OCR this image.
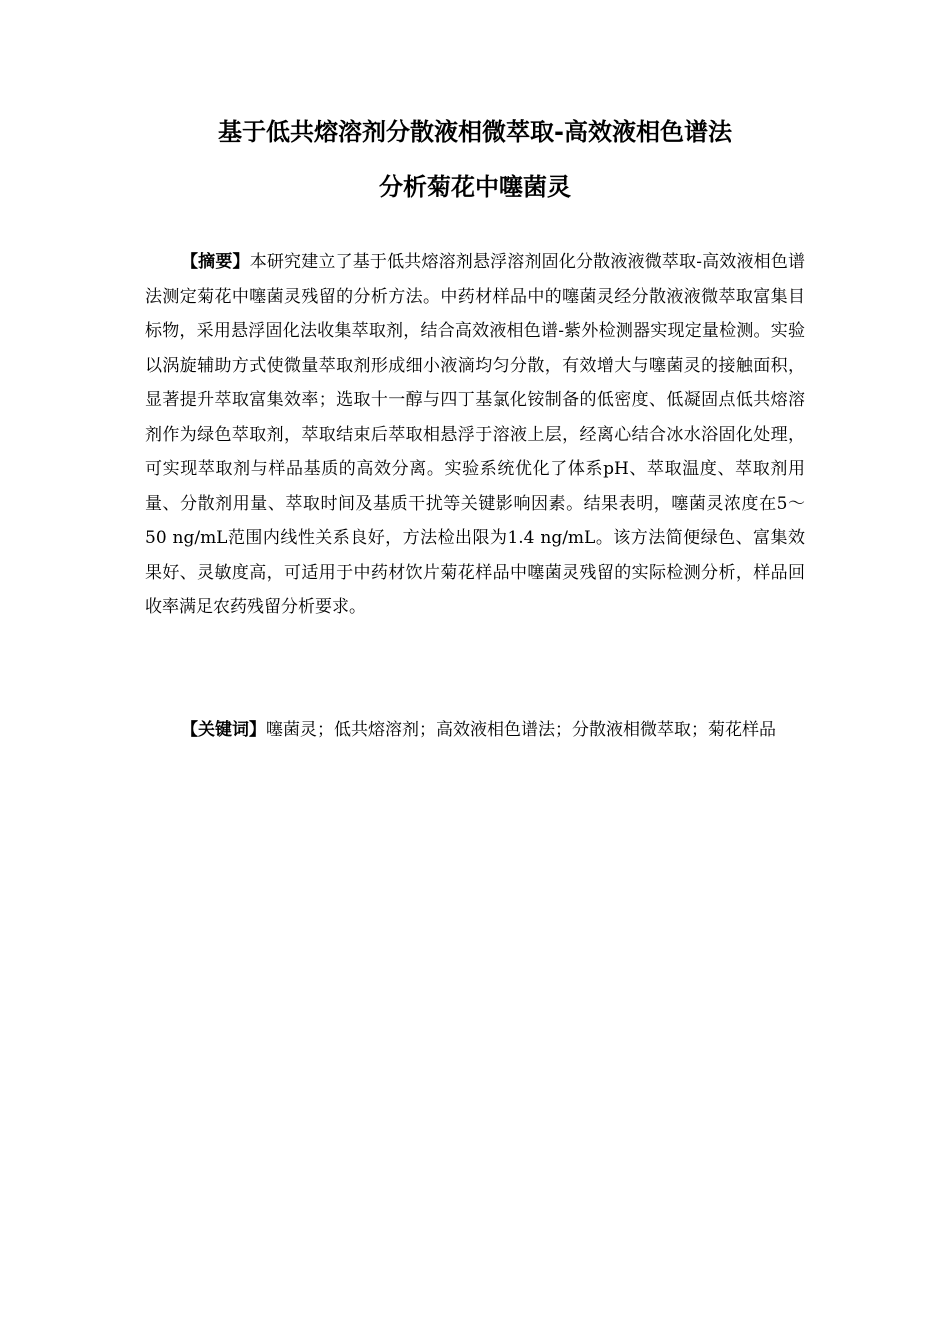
基于低共熔溶剂分散液相微萃取-高效液相色谱法
分析菊花中噻菌灵

【摘要】本研究建立了基于低共熔溶剂悬浮溶剂固化分散液液微萃取-高效液相色谱法测定菊花中噻菌灵残留的分析方法。中药材样品中的噻菌灵经分散液液微萃取富集目标物，采用悬浮固化法收集萃取剂，结合高效液相色谱-紫外检测器实现定量检测。实验以涡旋辅助方式使微量萃取剂形成细小液滴均匀分散，有效增大与噻菌灵的接触面积，显著提升萃取富集效率；选取十一醇与四丁基氯化铵制备的低密度、低凝固点低共熔溶剂作为绿色萃取剂，萃取结束后萃取相悬浮于溶液上层，经离心结合冰水浴固化处理，可实现萃取剂与样品基质的高效分离。实验系统优化了体系pH、萃取温度、萃取剂用量、分散剂用量、萃取时间及基质干扰等关键影响因素。结果表明，噻菌灵浓度在5～50 ng/mL范围内线性关系良好，方法检出限为1.4 ng/mL。该方法简便绿色、富集效果好、灵敏度高，可适用于中药材饮片菊花样品中噻菌灵残留的实际检测分析，样品回收率满足农药残留分析要求。

【关键词】噻菌灵；低共熔溶剂；高效液相色谱法；分散液相微萃取；菊花样品
